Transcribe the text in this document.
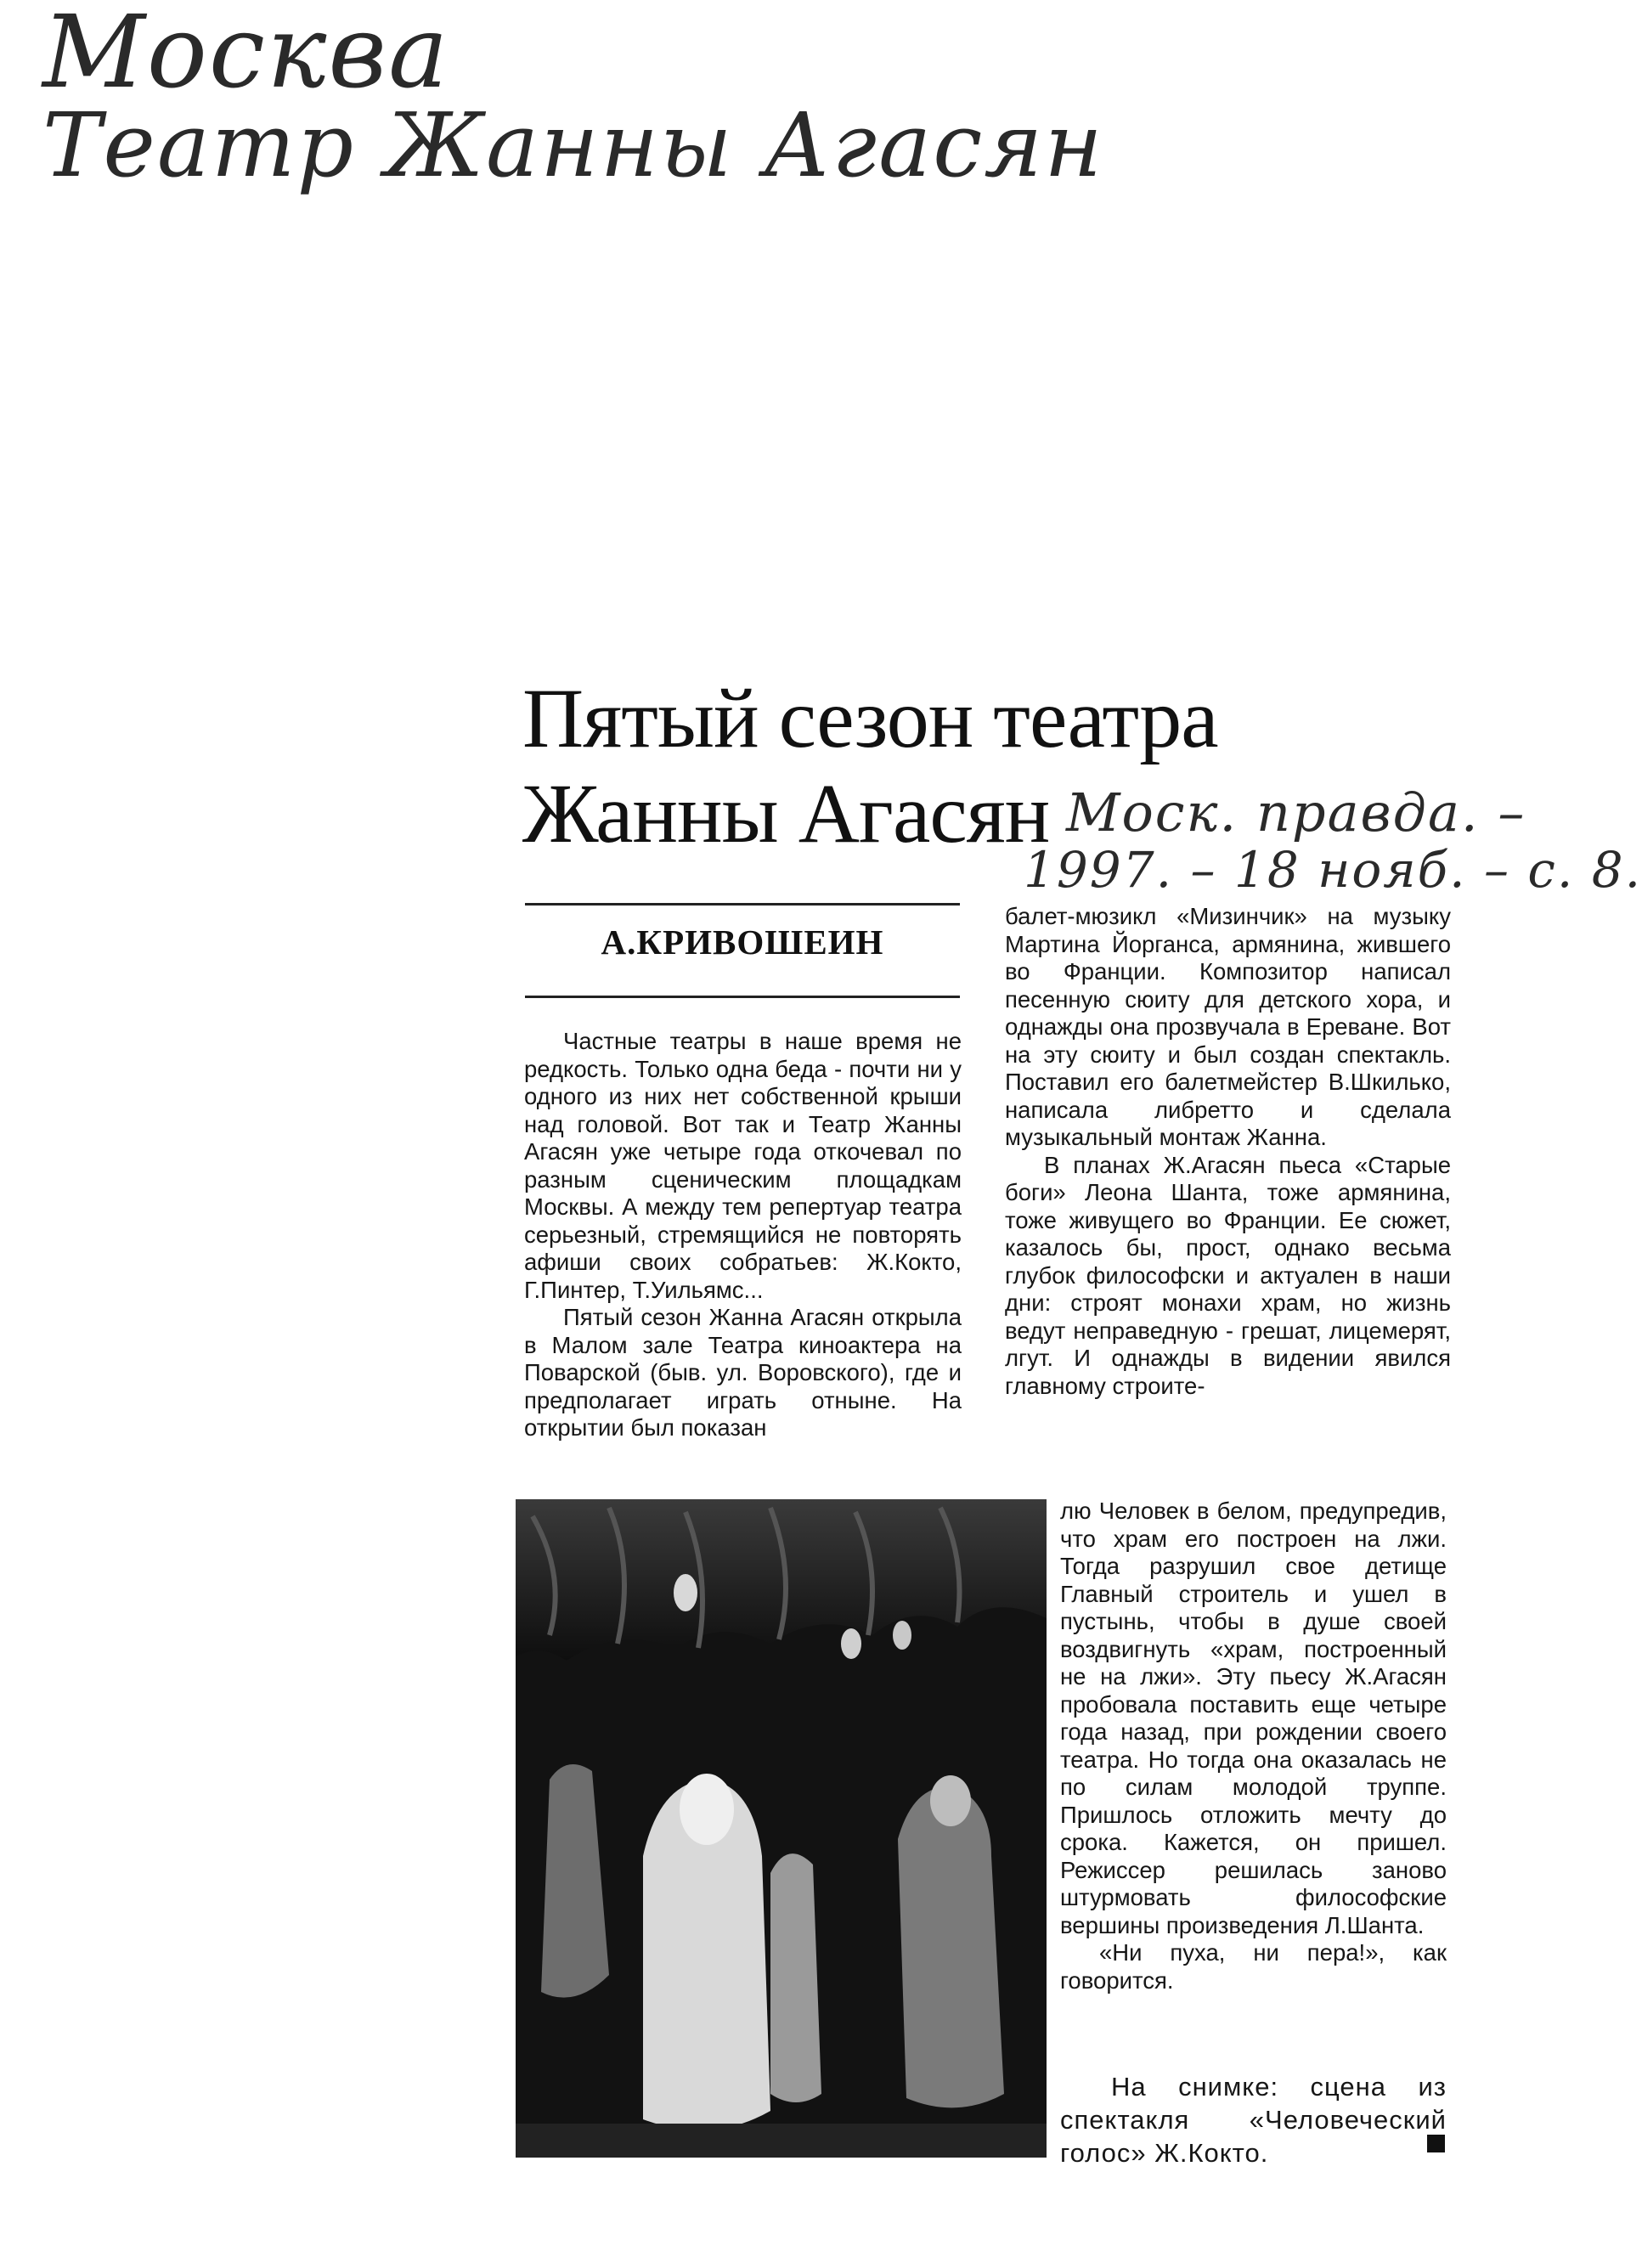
Москва
Театр Жанны Агасян
Моск. правда. –
1997. – 18 нояб. – с. 8.
Пятый сезон театра
Жанны Агасян
А.КРИВОШЕИН

Частные театры в наше время не редкость. Только одна беда - почти ни у одного из них нет собственной крыши над головой. Вот так и Театр Жанны Агасян уже четыре года откочевал по разным сценическим площадкам Москвы. А между тем репертуар театра серьезный, стремящийся не повторять афиши своих собратьев: Ж.Кокто, Г.Пинтер, Т.Уильямс...

Пятый сезон Жанна Агасян открыла в Малом зале Театра киноактера на Поварской (быв. ул. Воровского), где и предполагает играть отныне. На открытии был показан

балет-мюзикл «Мизинчик» на музыку Мартина Йорганса, армянина, жившего во Франции. Композитор написал песенную сюиту для детского хора, и однажды она прозвучала в Ереване. Вот на эту сюиту и был создан спектакль. Поставил его балетмейстер В.Шкилько, написала либретто и сделала музыкальный монтаж Жанна.

В планах Ж.Агасян пьеса «Старые боги» Леона Шанта, тоже армянина, тоже живущего во Франции. Ее сюжет, казалось бы, прост, однако весьма глубок философски и актуален в наши дни: строят монахи храм, но жизнь ведут неправедную - грешат, лицемерят, лгут. И однажды в видении явился главному строите-

лю Человек в белом, предупредив, что храм его построен на лжи. Тогда разрушил свое детище Главный строитель и ушел в пустынь, чтобы в душе своей воздвигнуть «храм, построенный не на лжи». Эту пьесу Ж.Агасян пробовала поставить еще четыре года назад, при рождении своего театра. Но тогда она оказалась не по силам молодой труппе. Пришлось отложить мечту до срока. Кажется, он пришел. Режиссер решилась заново штурмовать философские вершины произведения Л.Шанта.

«Ни пуха, ни пера!», как говорится.

На снимке: сцена из спектакля «Человеческий голос» Ж.Кокто.
